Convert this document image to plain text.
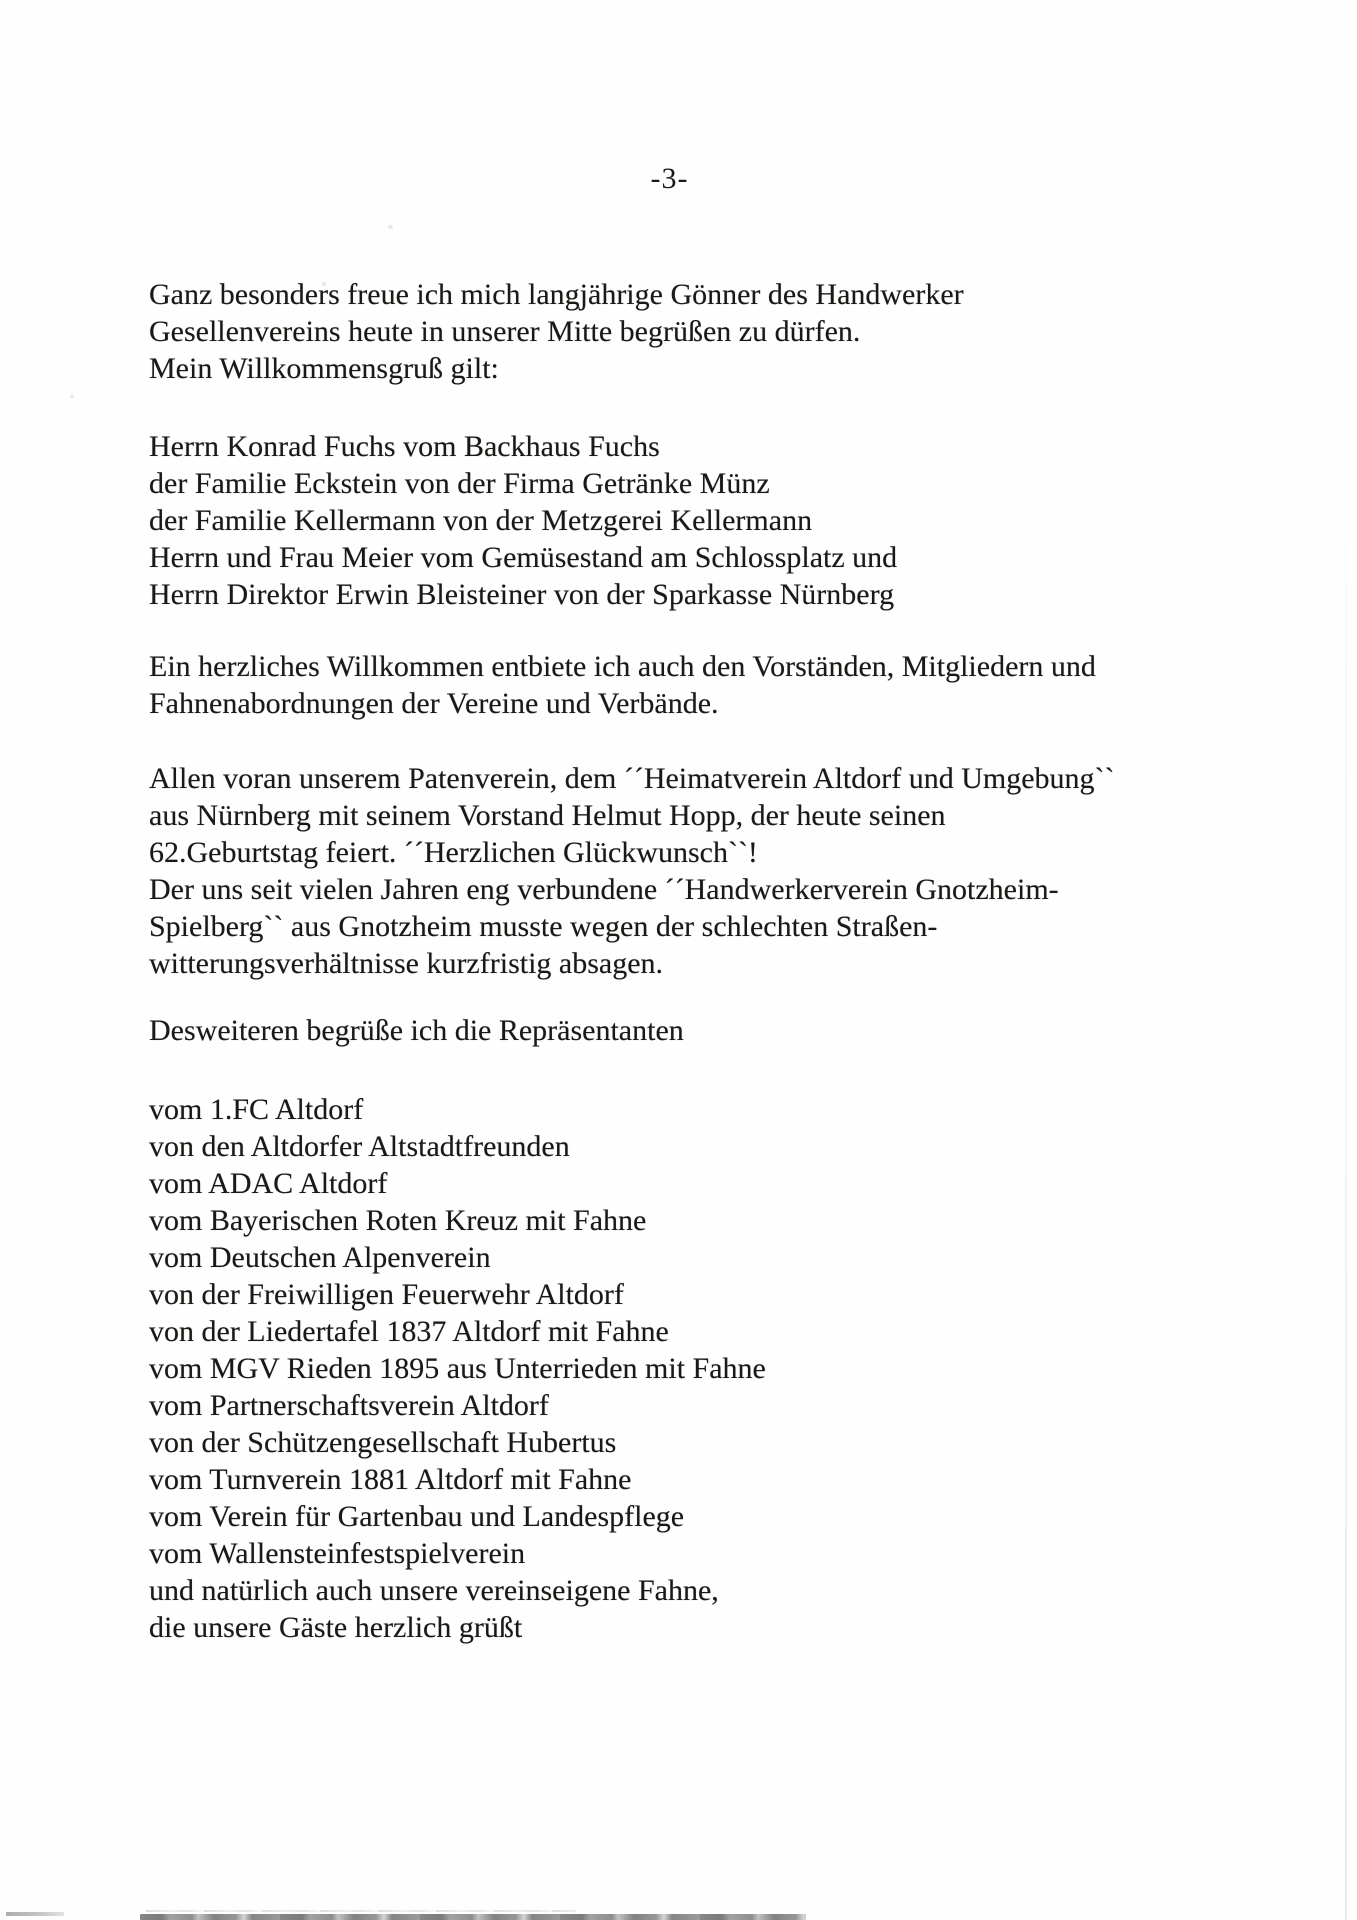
-3-
Ganz besonders freue ich mich langjährige Gönner des Handwerker
Gesellenvereins heute in unserer Mitte begrüßen zu dürfen.
Mein Willkommensgruß gilt:
Herrn Konrad Fuchs vom Backhaus Fuchs
der Familie Eckstein von der Firma Getränke Münz
der Familie Kellermann von der Metzgerei Kellermann
Herrn und Frau Meier vom Gemüsestand am Schlossplatz und
Herrn Direktor Erwin Bleisteiner von der Sparkasse Nürnberg
Ein herzliches Willkommen entbiete ich auch den Vorständen, Mitgliedern und
Fahnenabordnungen der Vereine und Verbände.
Allen voran unserem Patenverein, dem ´´Heimatverein Altdorf und Umgebung``
aus Nürnberg mit seinem Vorstand Helmut Hopp, der heute seinen
62.Geburtstag feiert. ´´Herzlichen Glückwunsch``!
Der uns seit vielen Jahren eng verbundene ´´Handwerkerverein Gnotzheim-
Spielberg`` aus Gnotzheim musste wegen der schlechten Straßen-
witterungsverhältnisse kurzfristig absagen.
Desweiteren begrüße ich die Repräsentanten
vom 1.FC Altdorf
von den Altdorfer Altstadtfreunden
vom ADAC Altdorf
vom Bayerischen Roten Kreuz mit Fahne
vom Deutschen Alpenverein
von der Freiwilligen Feuerwehr Altdorf
von der Liedertafel 1837 Altdorf mit Fahne
vom MGV Rieden 1895 aus Unterrieden mit Fahne
vom Partnerschaftsverein Altdorf
von der Schützengesellschaft Hubertus
vom Turnverein 1881 Altdorf mit Fahne
vom Verein für Gartenbau und Landespflege
vom Wallensteinfestspielverein
und natürlich auch unsere vereinseigene Fahne,
die unsere Gäste herzlich grüßt
